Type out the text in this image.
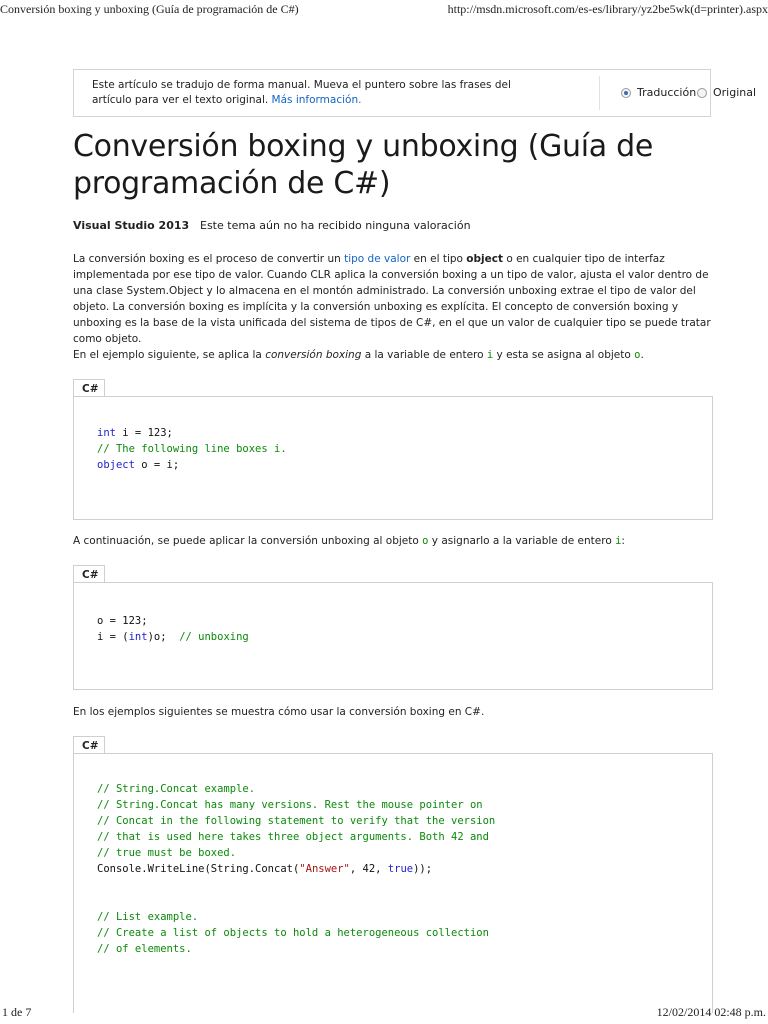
Conversión boxing y unboxing (Guía de programación de C#)	http://msdn.microsoft.com/es-es/library/yz2be5wk(d=printer).aspx
Este artículo se tradujo de forma manual. Mueva el puntero sobre las frases del artículo para ver el texto original. Más información.
Traducción Original
Conversión boxing y unboxing (Guía de programación de C#)
Visual Studio 2013 Este tema aún no ha recibido ninguna valoración
La conversión boxing es el proceso de convertir un tipo de valor en el tipo object o en cualquier tipo de interfaz implementada por ese tipo de valor. Cuando CLR aplica la conversión boxing a un tipo de valor, ajusta el valor dentro de una clase System.Object y lo almacena en el montón administrado. La conversión unboxing extrae el tipo de valor del objeto. La conversión boxing es implícita y la conversión unboxing es explícita. El concepto de conversión boxing y unboxing es la base de la vista unificada del sistema de tipos de C#, en el que un valor de cualquier tipo se puede tratar como objeto.
En el ejemplo siguiente, se aplica la conversión boxing a la variable de entero i y esta se asigna al objeto o.
C#
int i = 123;
// The following line boxes i.
object o = i;
A continuación, se puede aplicar la conversión unboxing al objeto o y asignarlo a la variable de entero i:
C#
o = 123;
i = (int)o;  // unboxing
En los ejemplos siguientes se muestra cómo usar la conversión boxing en C#.
C#
// String.Concat example.
// String.Concat has many versions. Rest the mouse pointer on
// Concat in the following statement to verify that the version
// that is used here takes three object arguments. Both 42 and
// true must be boxed.
Console.WriteLine(String.Concat("Answer", 42, true));

// List example.
// Create a list of objects to hold a heterogeneous collection
// of elements.
1 de 7	12/02/2014 02:48 p.m.
